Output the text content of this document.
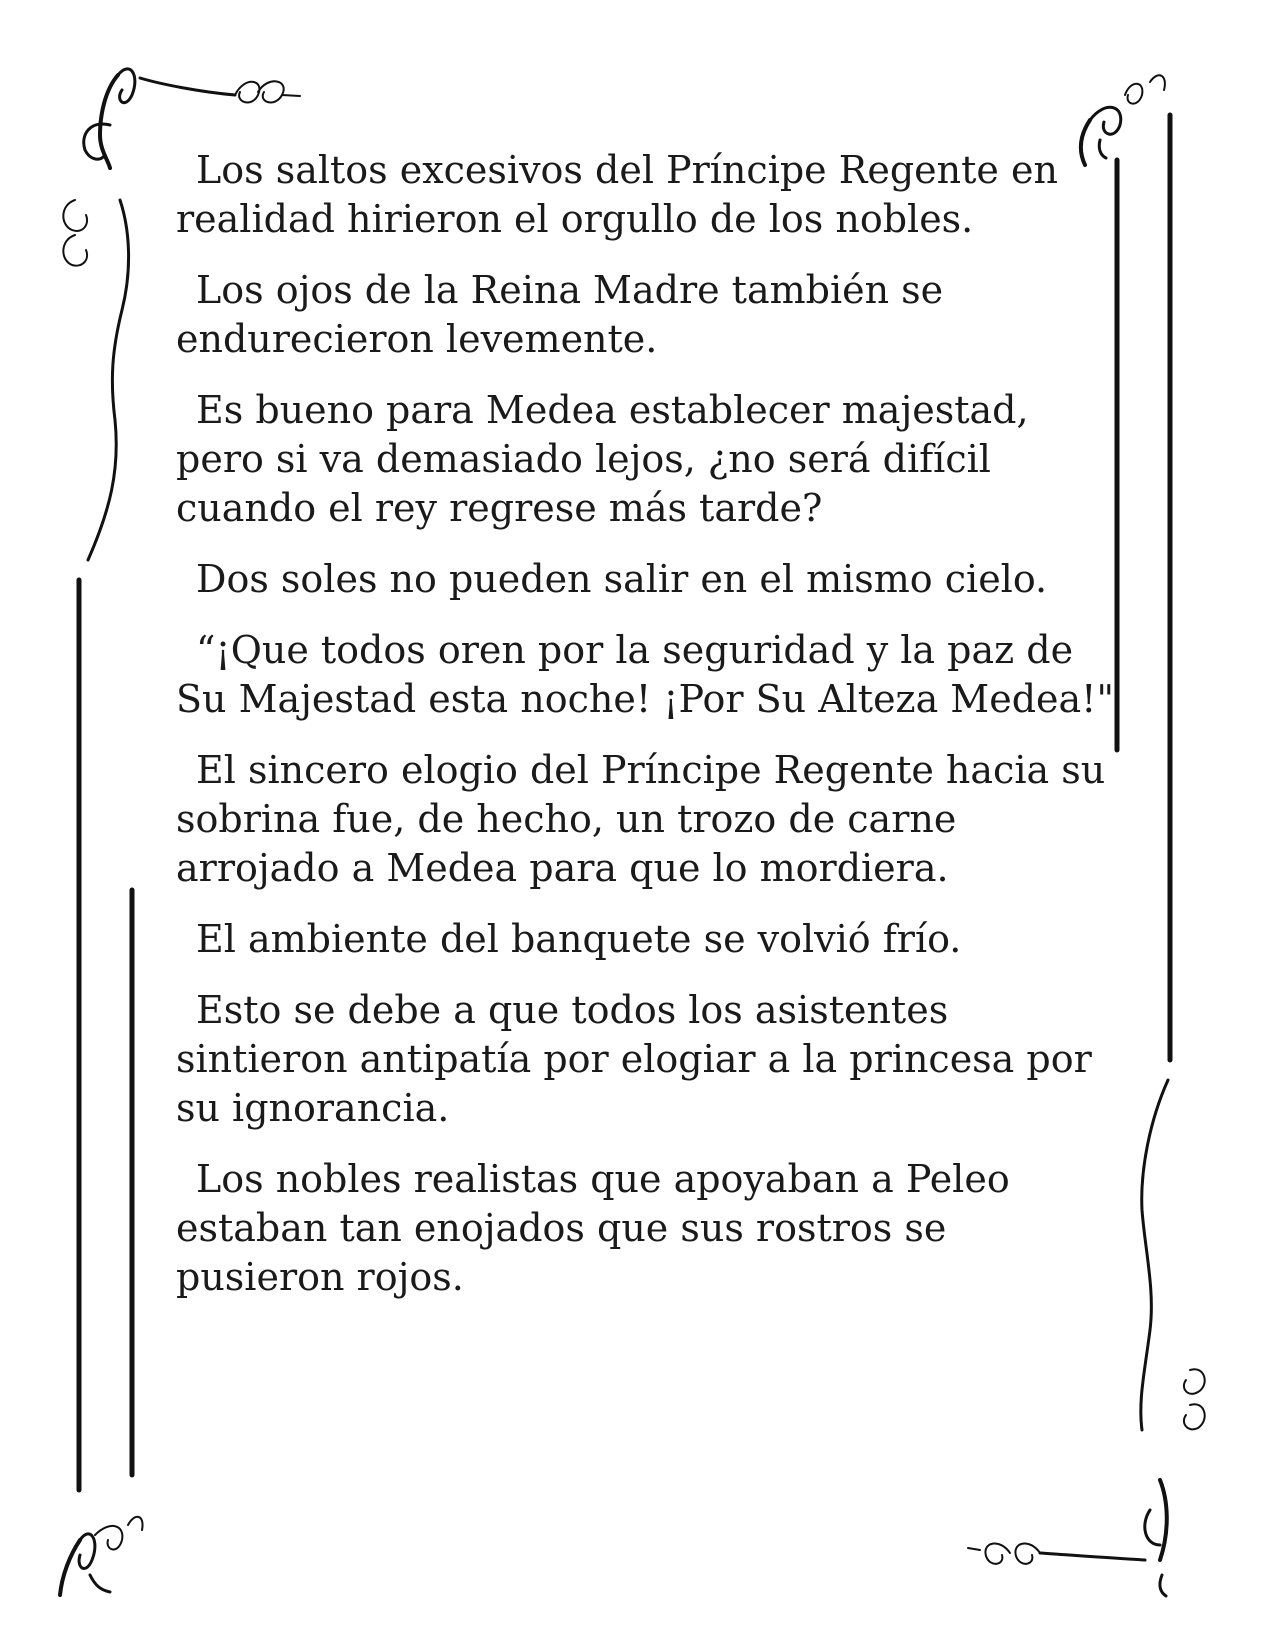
Los saltos excesivos del Príncipe Regente en realidad hirieron el orgullo de los nobles.

Los ojos de la Reina Madre también se endurecieron levemente.

Es bueno para Medea establecer majestad, pero si va demasiado lejos, ¿no será difícil cuando el rey regrese más tarde?

Dos soles no pueden salir en el mismo cielo.

“¡Que todos oren por la seguridad y la paz de Su Majestad esta noche! ¡Por Su Alteza Medea!"

El sincero elogio del Príncipe Regente hacia su sobrina fue, de hecho, un trozo de carne arrojado a Medea para que lo mordiera.

El ambiente del banquete se volvió frío.

Esto se debe a que todos los asistentes sintieron antipatía por elogiar a la princesa por su ignorancia.

Los nobles realistas que apoyaban a Peleo estaban tan enojados que sus rostros se pusieron rojos.
